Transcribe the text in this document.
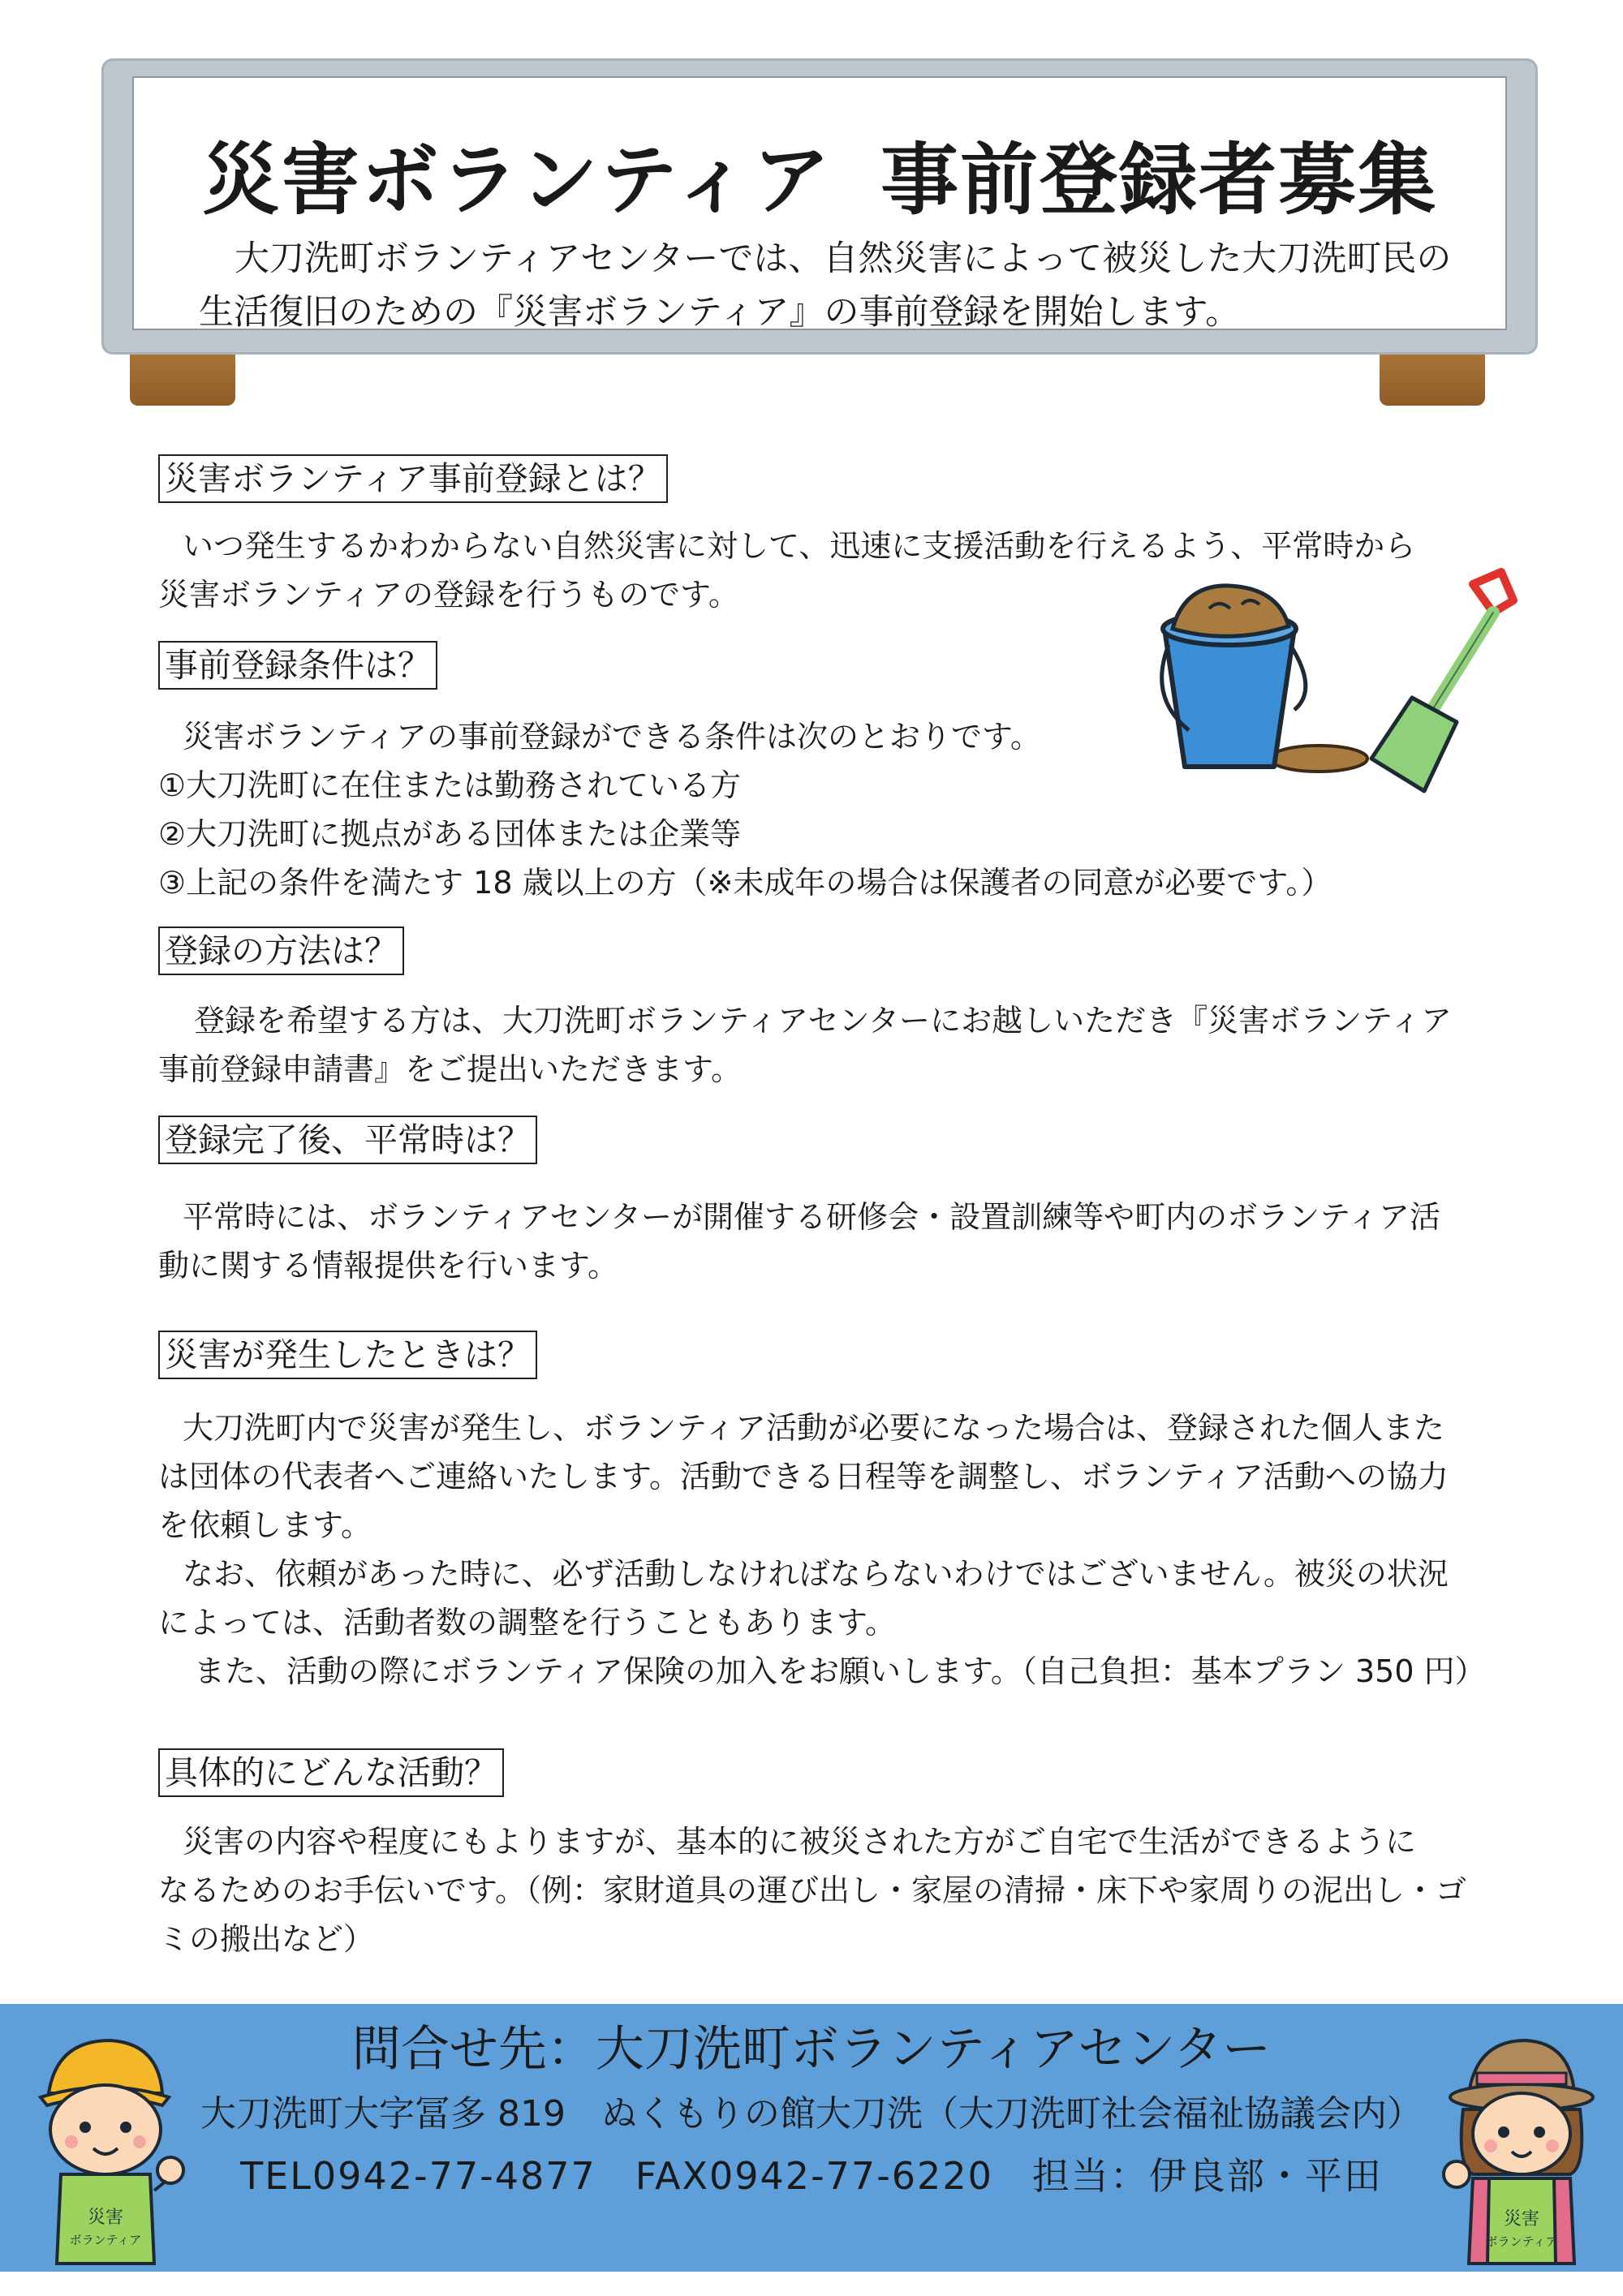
災害ボランティア 事前登録者募集

大刀洗町ボランティアセンターでは、自然災害によって被災した大刀洗町民の
生活復旧のための『災害ボランティア』の事前登録を開始します。

災害ボランティア事前登録とは？

いつ発生するかわからない自然災害に対して、迅速に支援活動を行えるよう、平常時から
災害ボランティアの登録を行うものです。

事前登録条件は？

災害ボランティアの事前登録ができる条件は次のとおりです。
①大刀洗町に在住または勤務されている方
②大刀洗町に拠点がある団体または企業等
③上記の条件を満たす 18 歳以上の方（※未成年の場合は保護者の同意が必要です。）

登録の方法は？

登録を希望する方は、大刀洗町ボランティアセンターにお越しいただき『災害ボランティア
事前登録申請書』をご提出いただきます。

登録完了後、平常時は？

平常時には、ボランティアセンターが開催する研修会・設置訓練等や町内のボランティア活
動に関する情報提供を行います。

災害が発生したときは？

大刀洗町内で災害が発生し、ボランティア活動が必要になった場合は、登録された個人また
は団体の代表者へご連絡いたします。活動できる日程等を調整し、ボランティア活動への協力
を依頼します。
なお、依頼があった時に、必ず活動しなければならないわけではございません。被災の状況
によっては、活動者数の調整を行うこともあります。
また、活動の際にボランティア保険の加入をお願いします。（自己負担：基本プラン 350 円）

具体的にどんな活動？

災害の内容や程度にもよりますが、基本的に被災された方がご自宅で生活ができるように
なるためのお手伝いです。（例：家財道具の運び出し・家屋の清掃・床下や家周りの泥出し・ゴ
ミの搬出など）

問合せ先：大刀洗町ボランティアセンター

大刀洗町大字冨多 819　ぬくもりの館大刀洗（大刀洗町社会福祉協議会内）

TEL0942-77-4877　FAX0942-77-6220　担当：伊良部・平田

災害
ボランティア
災害
ボランティア
